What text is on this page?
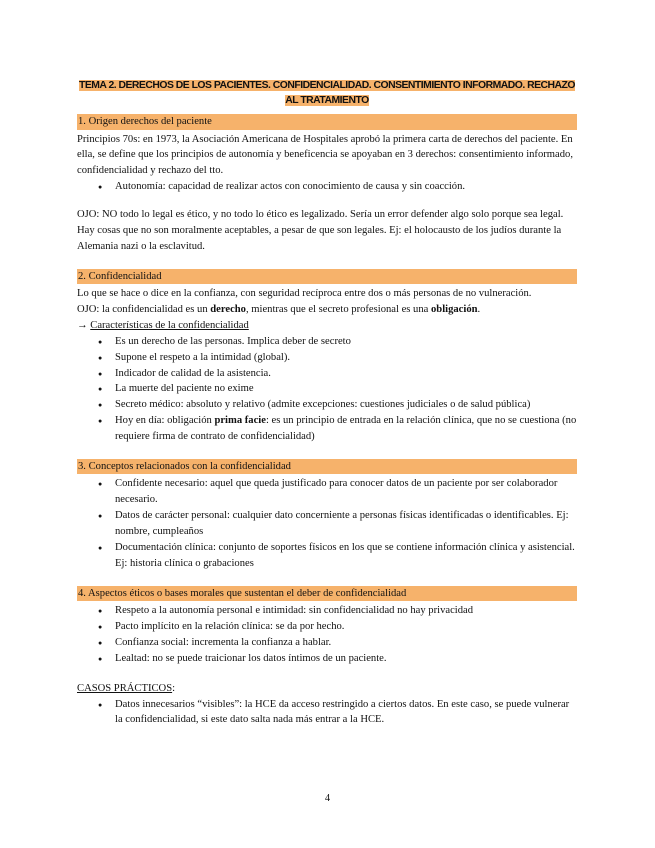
TEMA 2. DERECHOS DE LOS PACIENTES. CONFIDENCIALIDAD. CONSENTIMIENTO INFORMADO. RECHAZO
AL TRATAMIENTO
1. Origen derechos del paciente

Principios 70s: en 1973, la Asociación Americana de Hospitales aprobó la primera carta de derechos del paciente. En ella, se define que los principios de autonomía y beneficencia se apoyaban en 3 derechos: consentimiento informado, confidencialidad y rechazo del tto.

● Autonomía: capacidad de realizar actos con conocimiento de causa y sin coacción.

OJO: NO todo lo legal es ético, y no todo lo ético es legalizado. Sería un error defender algo solo porque sea legal. Hay cosas que no son moralmente aceptables, a pesar de que son legales. Ej: el holocausto de los judíos durante la Alemania nazi o la esclavitud.

2. Confidencialidad

Lo que se hace o dice en la confianza, con seguridad recíproca entre dos o más personas de no vulneración.

OJO: la confidencialidad es un derecho, mientras que el secreto profesional es una obligación.

→ Características de la confidencialidad

● Es un derecho de las personas. Implica deber de secreto
● Supone el respeto a la intimidad (global).
● Indicador de calidad de la asistencia.
● La muerte del paciente no exime
● Secreto médico: absoluto y relativo (admite excepciones: cuestiones judiciales o de salud pública)
● Hoy en día: obligación prima facie: es un principio de entrada en la relación clínica, que no se cuestiona (no requiere firma de contrato de confidencialidad)
3. Conceptos relacionados con la confidencialidad
● Confidente necesario: aquel que queda justificado para conocer datos de un paciente por ser colaborador necesario.
● Datos de carácter personal: cualquier dato concerniente a personas físicas identificadas o identificables. Ej: nombre, cumpleaños
● Documentación clínica: conjunto de soportes físicos en los que se contiene información clínica y asistencial. Ej: historia clínica o grabaciones
4. Aspectos éticos o bases morales que sustentan el deber de confidencialidad
● Respeto a la autonomía personal e intimidad: sin confidencialidad no hay privacidad
● Pacto implícito en la relación clínica: se da por hecho.
● Confianza social: incrementa la confianza a hablar.
● Lealtad: no se puede traicionar los datos íntimos de un paciente.

CASOS PRÁCTICOS:

● Datos innecesarios “visibles”: la HCE da acceso restringido a ciertos datos. En este caso, se puede vulnerar la confidencialidad, si este dato salta nada más entrar a la HCE.
4
